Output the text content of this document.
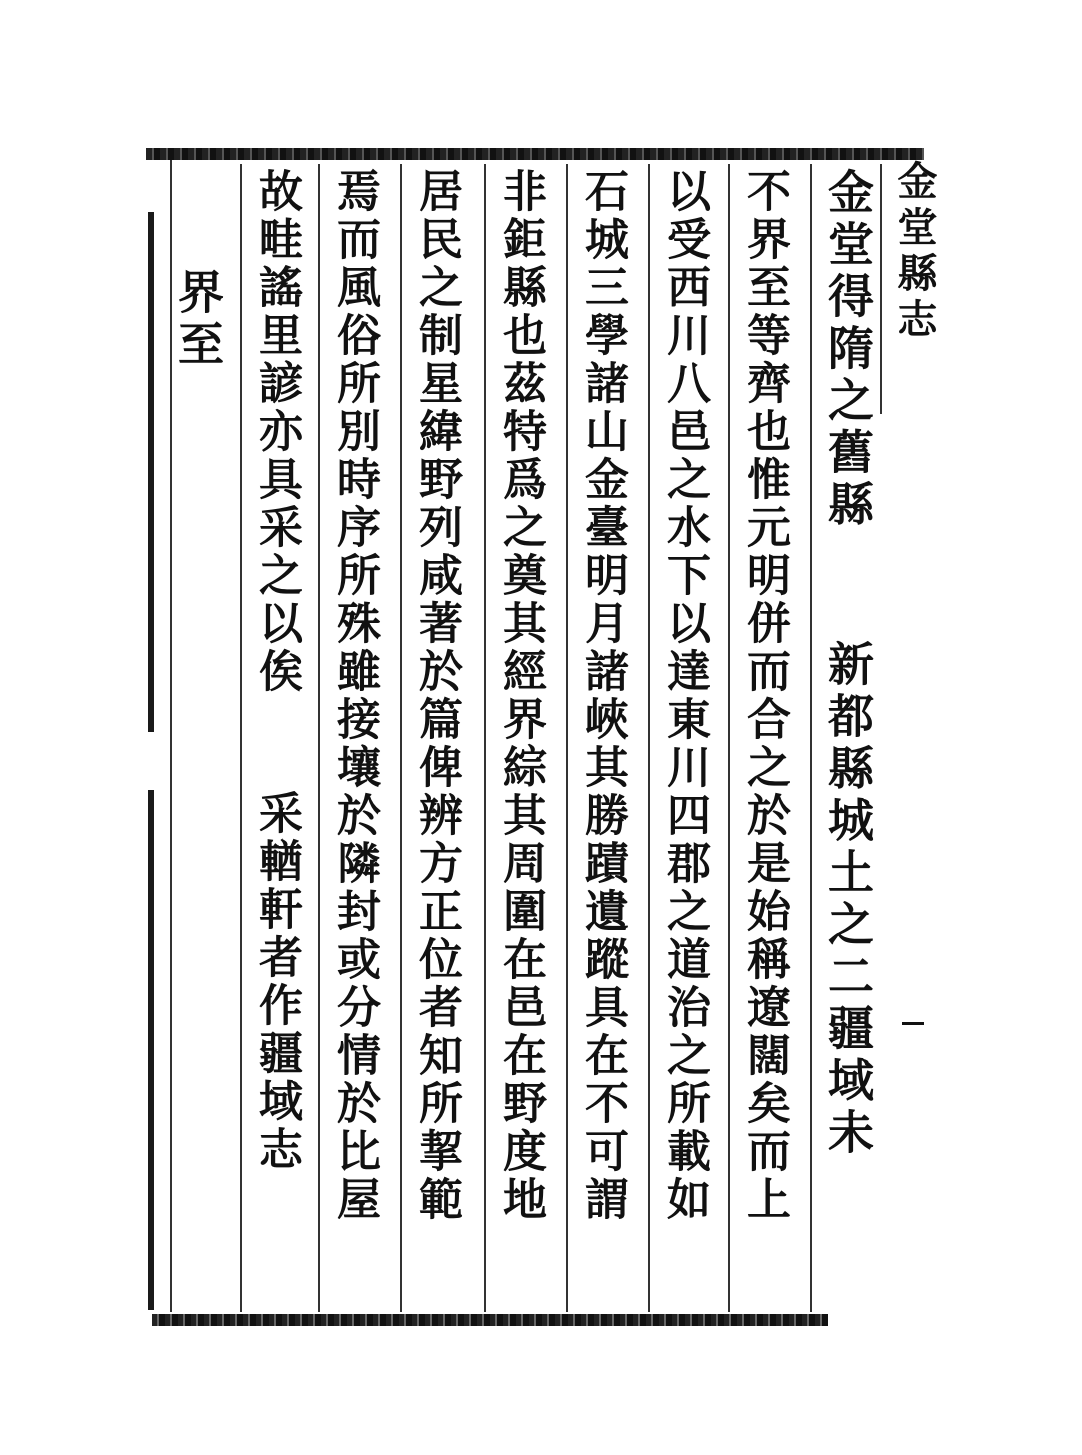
金堂縣志
金堂得隋之舊縣
新都縣城土之二疆域未
不界至等齊也惟元明併而合之於是始稱遼闊矣而上
以受西川八邑之水下以達東川四郡之道治之所載如
石城三學諸山金臺明月諸峽其勝蹟遺蹤具在不可謂
非鉅縣也茲特爲之奠其經界綜其周圍在邑在野度地
居民之制星緯野列咸著於篇俾辨方正位者知所挈範
焉而風俗所別時序所殊雖接壤於隣封或分情於比屋
故畦謠里諺亦具采之以俟
采輶軒者作疆域志
界至
